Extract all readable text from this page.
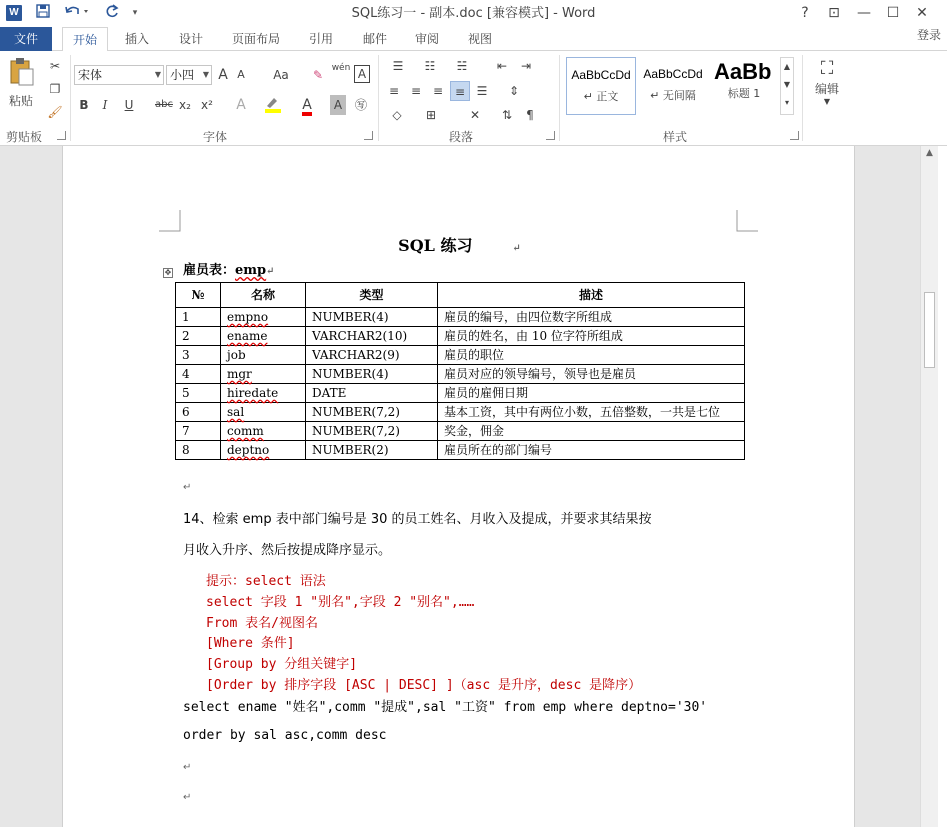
W	▾	SQL练习一 - 副本.doc [兼容模式] - Word	?	⊡	—	☐	✕
文件	开始	插入	设计	页面布局	引用	邮件	审阅	视图	登录
粘贴
✂
❐
🖌
剪贴板
宋体	▼ 小四 ▼ A A	Aa	✎ wén A
B	I	U	abc x₂ x²	A	A	A	㊢
字体
☰	☷	☵	⇤	⇥
≡ ≡ ≡ ≡ ☰	⇕
◇	⊞	✕	⇅	¶
段落
AaBbCcDd
↵ 正文
AaBbCcDd
↵ 无间隔
AaBb
标题 1
▲
▼
▾
样式
⛶
编辑
▼
SQL 练习	↵
✥ 雇员表：emp↵
№	名称	类型	描述
1	empno	NUMBER(4)	雇员的编号，由四位数字所组成
2	ename	VARCHAR2(10)	雇员的姓名，由 10 位字符所组成
3	job	VARCHAR2(9)	雇员的职位
4	mgr	NUMBER(4)	雇员对应的领导编号，领导也是雇员
5	hiredate	DATE	雇员的雇佣日期
6	sal	NUMBER(7,2)	基本工资，其中有两位小数，五倍整数，一共是七位
7	comm	NUMBER(7,2)	奖金，佣金
8	deptno	NUMBER(2)	雇员所在的部门编号
↵
14、检索 emp 表中部门编号是 30 的员工姓名、月收入及提成，并要求其结果按
月收入升序、然后按提成降序显示。
提示：select 语法
select 字段 1 "别名",字段 2 "别名",……
From 表名/视图名
[Where 条件]
[Group by 分组关键字]
[Order by 排序字段 [ASC | DESC] ]（asc 是升序，desc 是降序）
select ename "姓名",comm "提成",sal "工资" from emp where deptno='30'
order by sal asc,comm desc
↵
↵
▲
